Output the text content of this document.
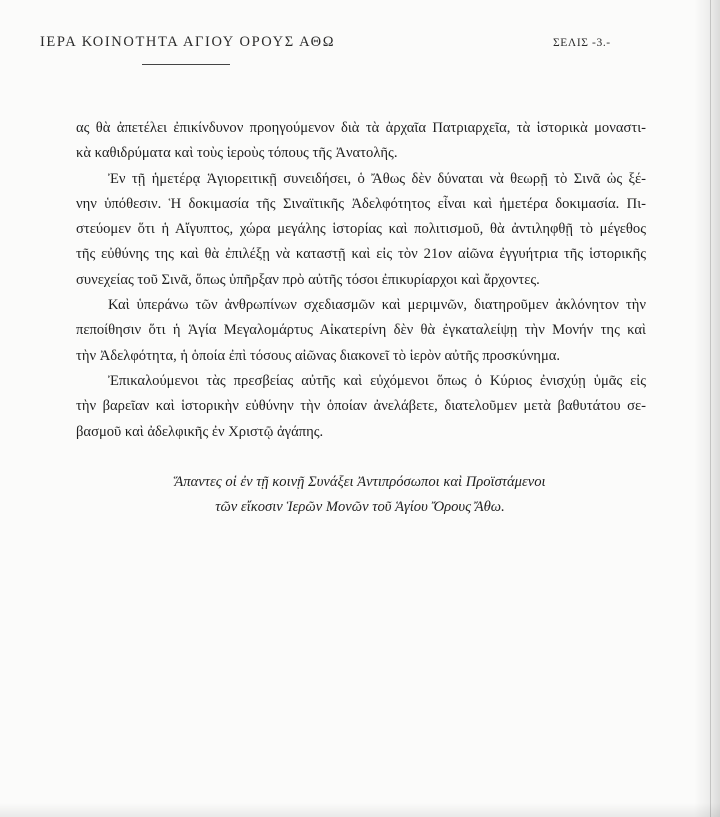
ΙΕΡΑ ΚΟΙΝΟΤΗΤΑ ΑΓΙΟΥ ΟΡΟΥΣ ΑΘΩ	ΣΕΛΙΣ -3.-
ας θὰ ἀπετέλει ἐπικίνδυνον προηγούμενον διὰ τὰ ἀρχαῖα Πατριαρχεῖα, τὰ ἱστορικὰ μοναστι-
κὰ καθιδρύματα καὶ τοὺς ἱεροὺς τόπους τῆς Ἀνατολῆς.
Ἐν τῇ ἡμετέρᾳ Ἁγιορειτικῇ συνειδήσει, ὁ Ἄθως δὲν δύναται νὰ θεωρῇ τὸ Σινᾶ ὡς ξέ-
νην ὑπόθεσιν. Ἡ δοκιμασία τῆς Σιναϊτικῆς Ἀδελφότητος εἶναι καὶ ἡμετέρα δοκιμασία. Πι-
στεύομεν ὅτι ἡ Αἴγυπτος, χώρα μεγάλης ἱστορίας καὶ πολιτισμοῦ, θὰ ἀντιληφθῇ τὸ μέγεθος
τῆς εὐθύνης της καὶ θὰ ἐπιλέξῃ νὰ καταστῇ καὶ εἰς τὸν 21ον αἰῶνα ἐγγυήτρια τῆς ἱστορικῆς
συνεχείας τοῦ Σινᾶ, ὅπως ὑπῆρξαν πρὸ αὐτῆς τόσοι ἐπικυρίαρχοι καὶ ἄρχοντες.
Καὶ ὑπεράνω τῶν ἀνθρωπίνων σχεδιασμῶν καὶ μεριμνῶν, διατηροῦμεν ἀκλόνητον τὴν
πεποίθησιν ὅτι ἡ Ἁγία Μεγαλομάρτυς Αἰκατερίνη δὲν θὰ ἐγκαταλείψῃ τὴν Μονήν της καὶ
τὴν Ἀδελφότητα, ἡ ὁποία ἐπὶ τόσους αἰῶνας διακονεῖ τὸ ἱερὸν αὐτῆς προσκύνημα.
Ἐπικαλούμενοι τὰς πρεσβείας αὐτῆς καὶ εὐχόμενοι ὅπως ὁ Κύριος ἐνισχύῃ ὑμᾶς εἰς
τὴν βαρεῖαν καὶ ἱστορικὴν εὐθύνην τὴν ὁποίαν ἀνελάβετε, διατελοῦμεν μετὰ βαθυτάτου σε-
βασμοῦ καὶ ἀδελφικῆς ἐν Χριστῷ ἀγάπης.
Ἅπαντες οἱ ἐν τῇ κοινῇ Συνάξει Ἀντιπρόσωποι καὶ Προϊστάμενοι
τῶν εἴκοσιν Ἱερῶν Μονῶν τοῦ Ἁγίου Ὄρους Ἄθω.
